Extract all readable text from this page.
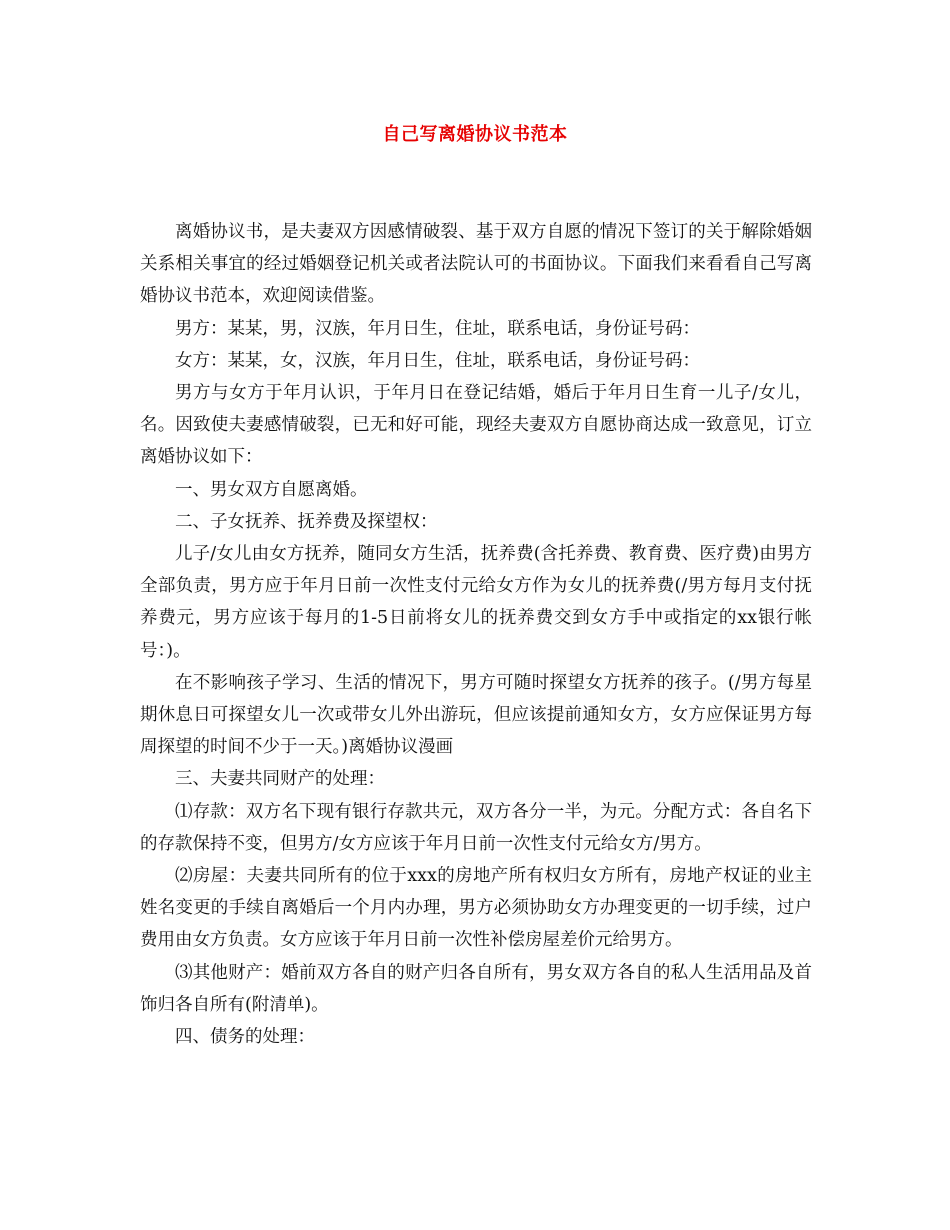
自己写离婚协议书范本

离婚协议书，是夫妻双方因感情破裂、基于双方自愿的情况下签订的关于解除婚姻关系相关事宜的经过婚姻登记机关或者法院认可的书面协议。下面我们来看看自己写离婚协议书范本，欢迎阅读借鉴。

男方：某某，男，汉族，年月日生，住址，联系电话，身份证号码：

女方：某某，女，汉族，年月日生，住址，联系电话，身份证号码：

男方与女方于年月认识，于年月日在登记结婚，婚后于年月日生育一儿子/女儿，名。因致使夫妻感情破裂，已无和好可能，现经夫妻双方自愿协商达成一致意见，订立离婚协议如下：

一、男女双方自愿离婚。

二、子女抚养、抚养费及探望权：

儿子/女儿由女方抚养，随同女方生活，抚养费(含托养费、教育费、医疗费)由男方全部负责，男方应于年月日前一次性支付元给女方作为女儿的抚养费(/男方每月支付抚养费元，男方应该于每月的1-5日前将女儿的抚养费交到女方手中或指定的xx银行帐号：)。

在不影响孩子学习、生活的情况下，男方可随时探望女方抚养的孩子。(/男方每星期休息日可探望女儿一次或带女儿外出游玩，但应该提前通知女方，女方应保证男方每周探望的时间不少于一天。)离婚协议漫画

三、夫妻共同财产的处理：

⑴存款：双方名下现有银行存款共元，双方各分一半，为元。分配方式：各自名下的存款保持不变，但男方/女方应该于年月日前一次性支付元给女方/男方。

⑵房屋：夫妻共同所有的位于xxx的房地产所有权归女方所有，房地产权证的业主姓名变更的手续自离婚后一个月内办理，男方必须协助女方办理变更的一切手续，过户费用由女方负责。女方应该于年月日前一次性补偿房屋差价元给男方。

⑶其他财产：婚前双方各自的财产归各自所有，男女双方各自的私人生活用品及首饰归各自所有(附清单)。

四、债务的处理：
